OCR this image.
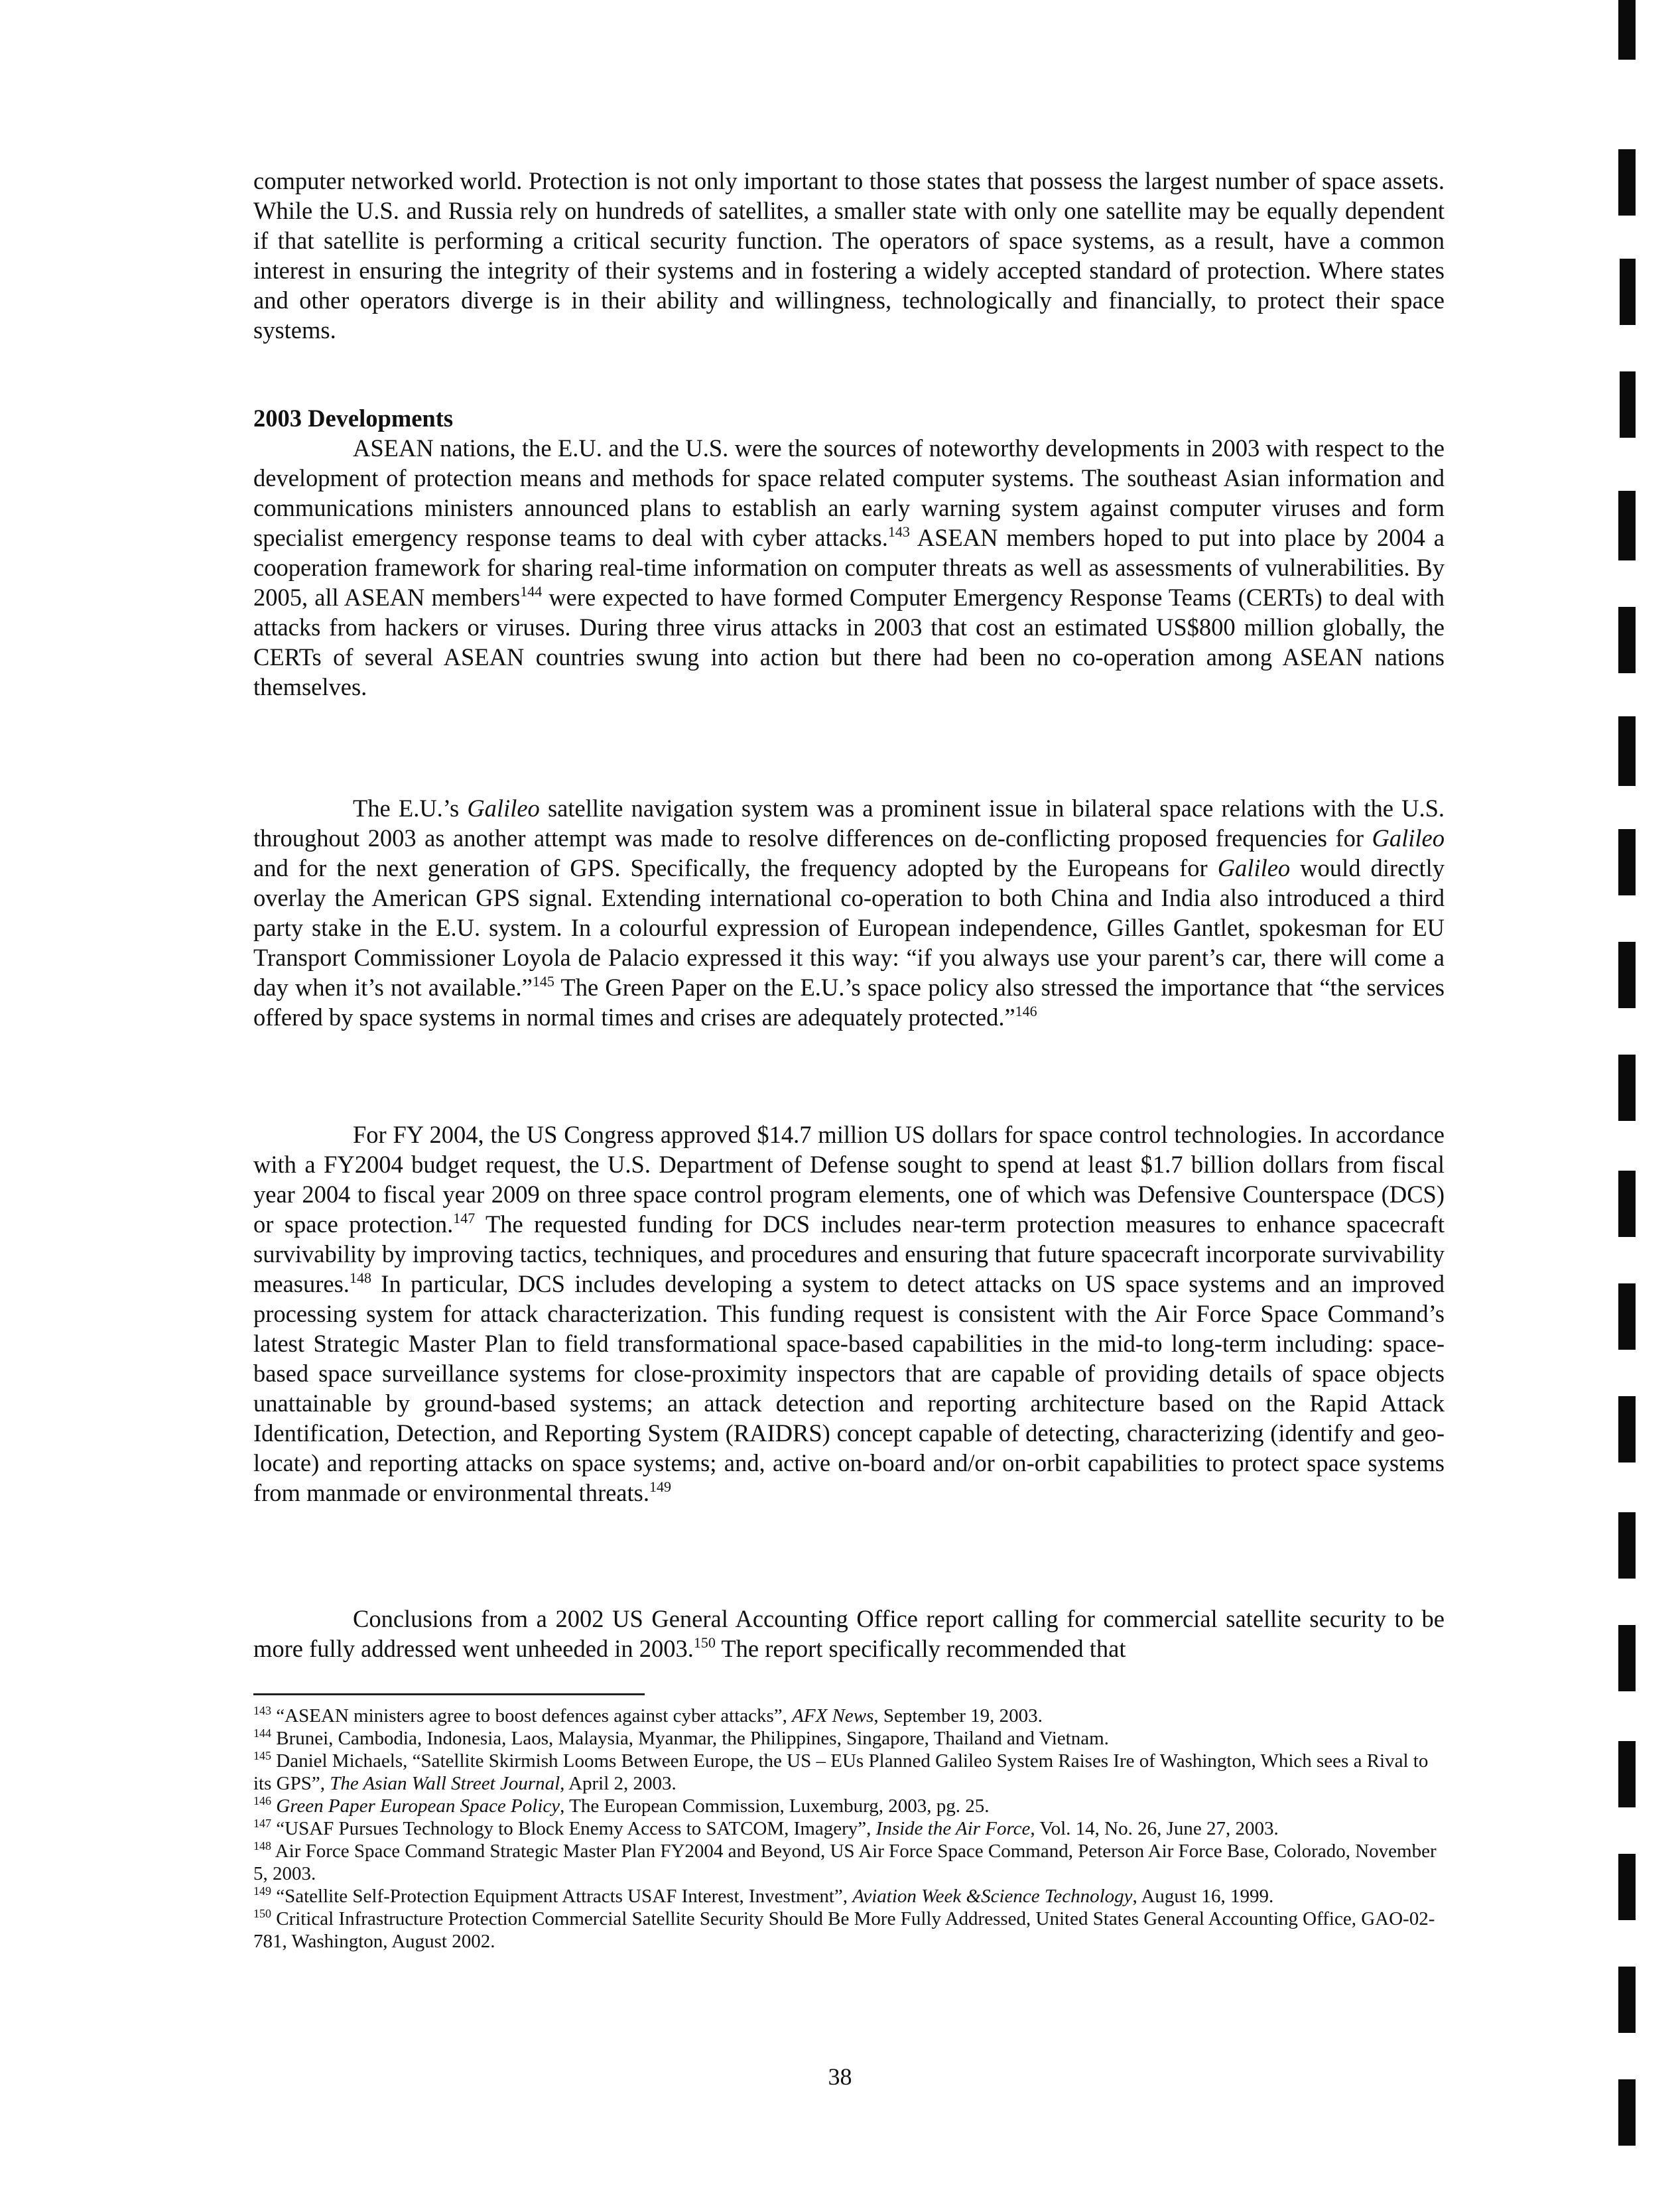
computer networked world. Protection is not only important to those states that possess the largest number of space assets. While the U.S. and Russia rely on hundreds of satellites, a smaller state with only one satellite may be equally dependent if that satellite is performing a critical security function. The operators of space systems, as a result, have a common interest in ensuring the integrity of their systems and in fostering a widely accepted standard of protection. Where states and other operators diverge is in their ability and willingness, technologically and financially, to protect their space systems.

2003 Developments

ASEAN nations, the E.U. and the U.S. were the sources of noteworthy developments in 2003 with respect to the development of protection means and methods for space related computer systems. The southeast Asian information and communications ministers announced plans to establish an early warning system against computer viruses and form specialist emergency response teams to deal with cyber attacks.$^{143}$ ASEAN members hoped to put into place by 2004 a cooperation framework for sharing real-time information on computer threats as well as assessments of vulnerabilities. By 2005, all ASEAN members$^{144}$ were expected to have formed Computer Emergency Response Teams (CERTs) to deal with attacks from hackers or viruses. During three virus attacks in 2003 that cost an estimated US$800 million globally, the CERTs of several ASEAN countries swung into action but there had been no co-operation among ASEAN nations themselves.

The E.U.’s Galileo satellite navigation system was a prominent issue in bilateral space relations with the U.S. throughout 2003 as another attempt was made to resolve differences on de-conflicting proposed frequencies for Galileo and for the next generation of GPS. Specifically, the frequency adopted by the Europeans for Galileo would directly overlay the American GPS signal. Extending international co-operation to both China and India also introduced a third party stake in the E.U. system. In a colourful expression of European independence, Gilles Gantlet, spokesman for EU Transport Commissioner Loyola de Palacio expressed it this way: “if you always use your parent’s car, there will come a day when it’s not available.”$^{145}$ The Green Paper on the E.U.’s space policy also stressed the importance that “the services offered by space systems in normal times and crises are adequately protected.”$^{146}$

For FY 2004, the US Congress approved $14.7 million US dollars for space control technologies. In accordance with a FY2004 budget request, the U.S. Department of Defense sought to spend at least $1.7 billion dollars from fiscal year 2004 to fiscal year 2009 on three space control program elements, one of which was Defensive Counterspace (DCS) or space protection.$^{147}$ The requested funding for DCS includes near-term protection measures to enhance spacecraft survivability by improving tactics, techniques, and procedures and ensuring that future spacecraft incorporate survivability measures.$^{148}$ In particular, DCS includes developing a system to detect attacks on US space systems and an improved processing system for attack characterization. This funding request is consistent with the Air Force Space Command’s latest Strategic Master Plan to field transformational space-based capabilities in the mid-to long-term including: space-based space surveillance systems for close-proximity inspectors that are capable of providing details of space objects unattainable by ground-based systems; an attack detection and reporting architecture based on the Rapid Attack Identification, Detection, and Reporting System (RAIDRS) concept capable of detecting, characterizing (identify and geo-locate) and reporting attacks on space systems; and, active on-board and/or on-orbit capabilities to protect space systems from manmade or environmental threats.$^{149}$

Conclusions from a 2002 US General Accounting Office report calling for commercial satellite security to be more fully addressed went unheeded in 2003.$^{150}$ The report specifically recommended that

$^{143}$ “ASEAN ministers agree to boost defences against cyber attacks”, AFX News, September 19, 2003.

$^{144}$ Brunei, Cambodia, Indonesia, Laos, Malaysia, Myanmar, the Philippines, Singapore, Thailand and Vietnam.

$^{145}$ Daniel Michaels, “Satellite Skirmish Looms Between Europe, the US – EUs Planned Galileo System Raises Ire of Washington, Which sees a Rival to its GPS”, The Asian Wall Street Journal, April 2, 2003.

$^{146}$ Green Paper European Space Policy, The European Commission, Luxemburg, 2003, pg. 25.

$^{147}$ “USAF Pursues Technology to Block Enemy Access to SATCOM, Imagery”, Inside the Air Force, Vol. 14, No. 26, June 27, 2003.

$^{148}$ Air Force Space Command Strategic Master Plan FY2004 and Beyond, US Air Force Space Command, Peterson Air Force Base, Colorado, November 5, 2003.

$^{149}$ “Satellite Self-Protection Equipment Attracts USAF Interest, Investment”, Aviation Week &Science Technology, August 16, 1999.

$^{150}$ Critical Infrastructure Protection Commercial Satellite Security Should Be More Fully Addressed, United States General Accounting Office, GAO-02-781, Washington, August 2002.

38
